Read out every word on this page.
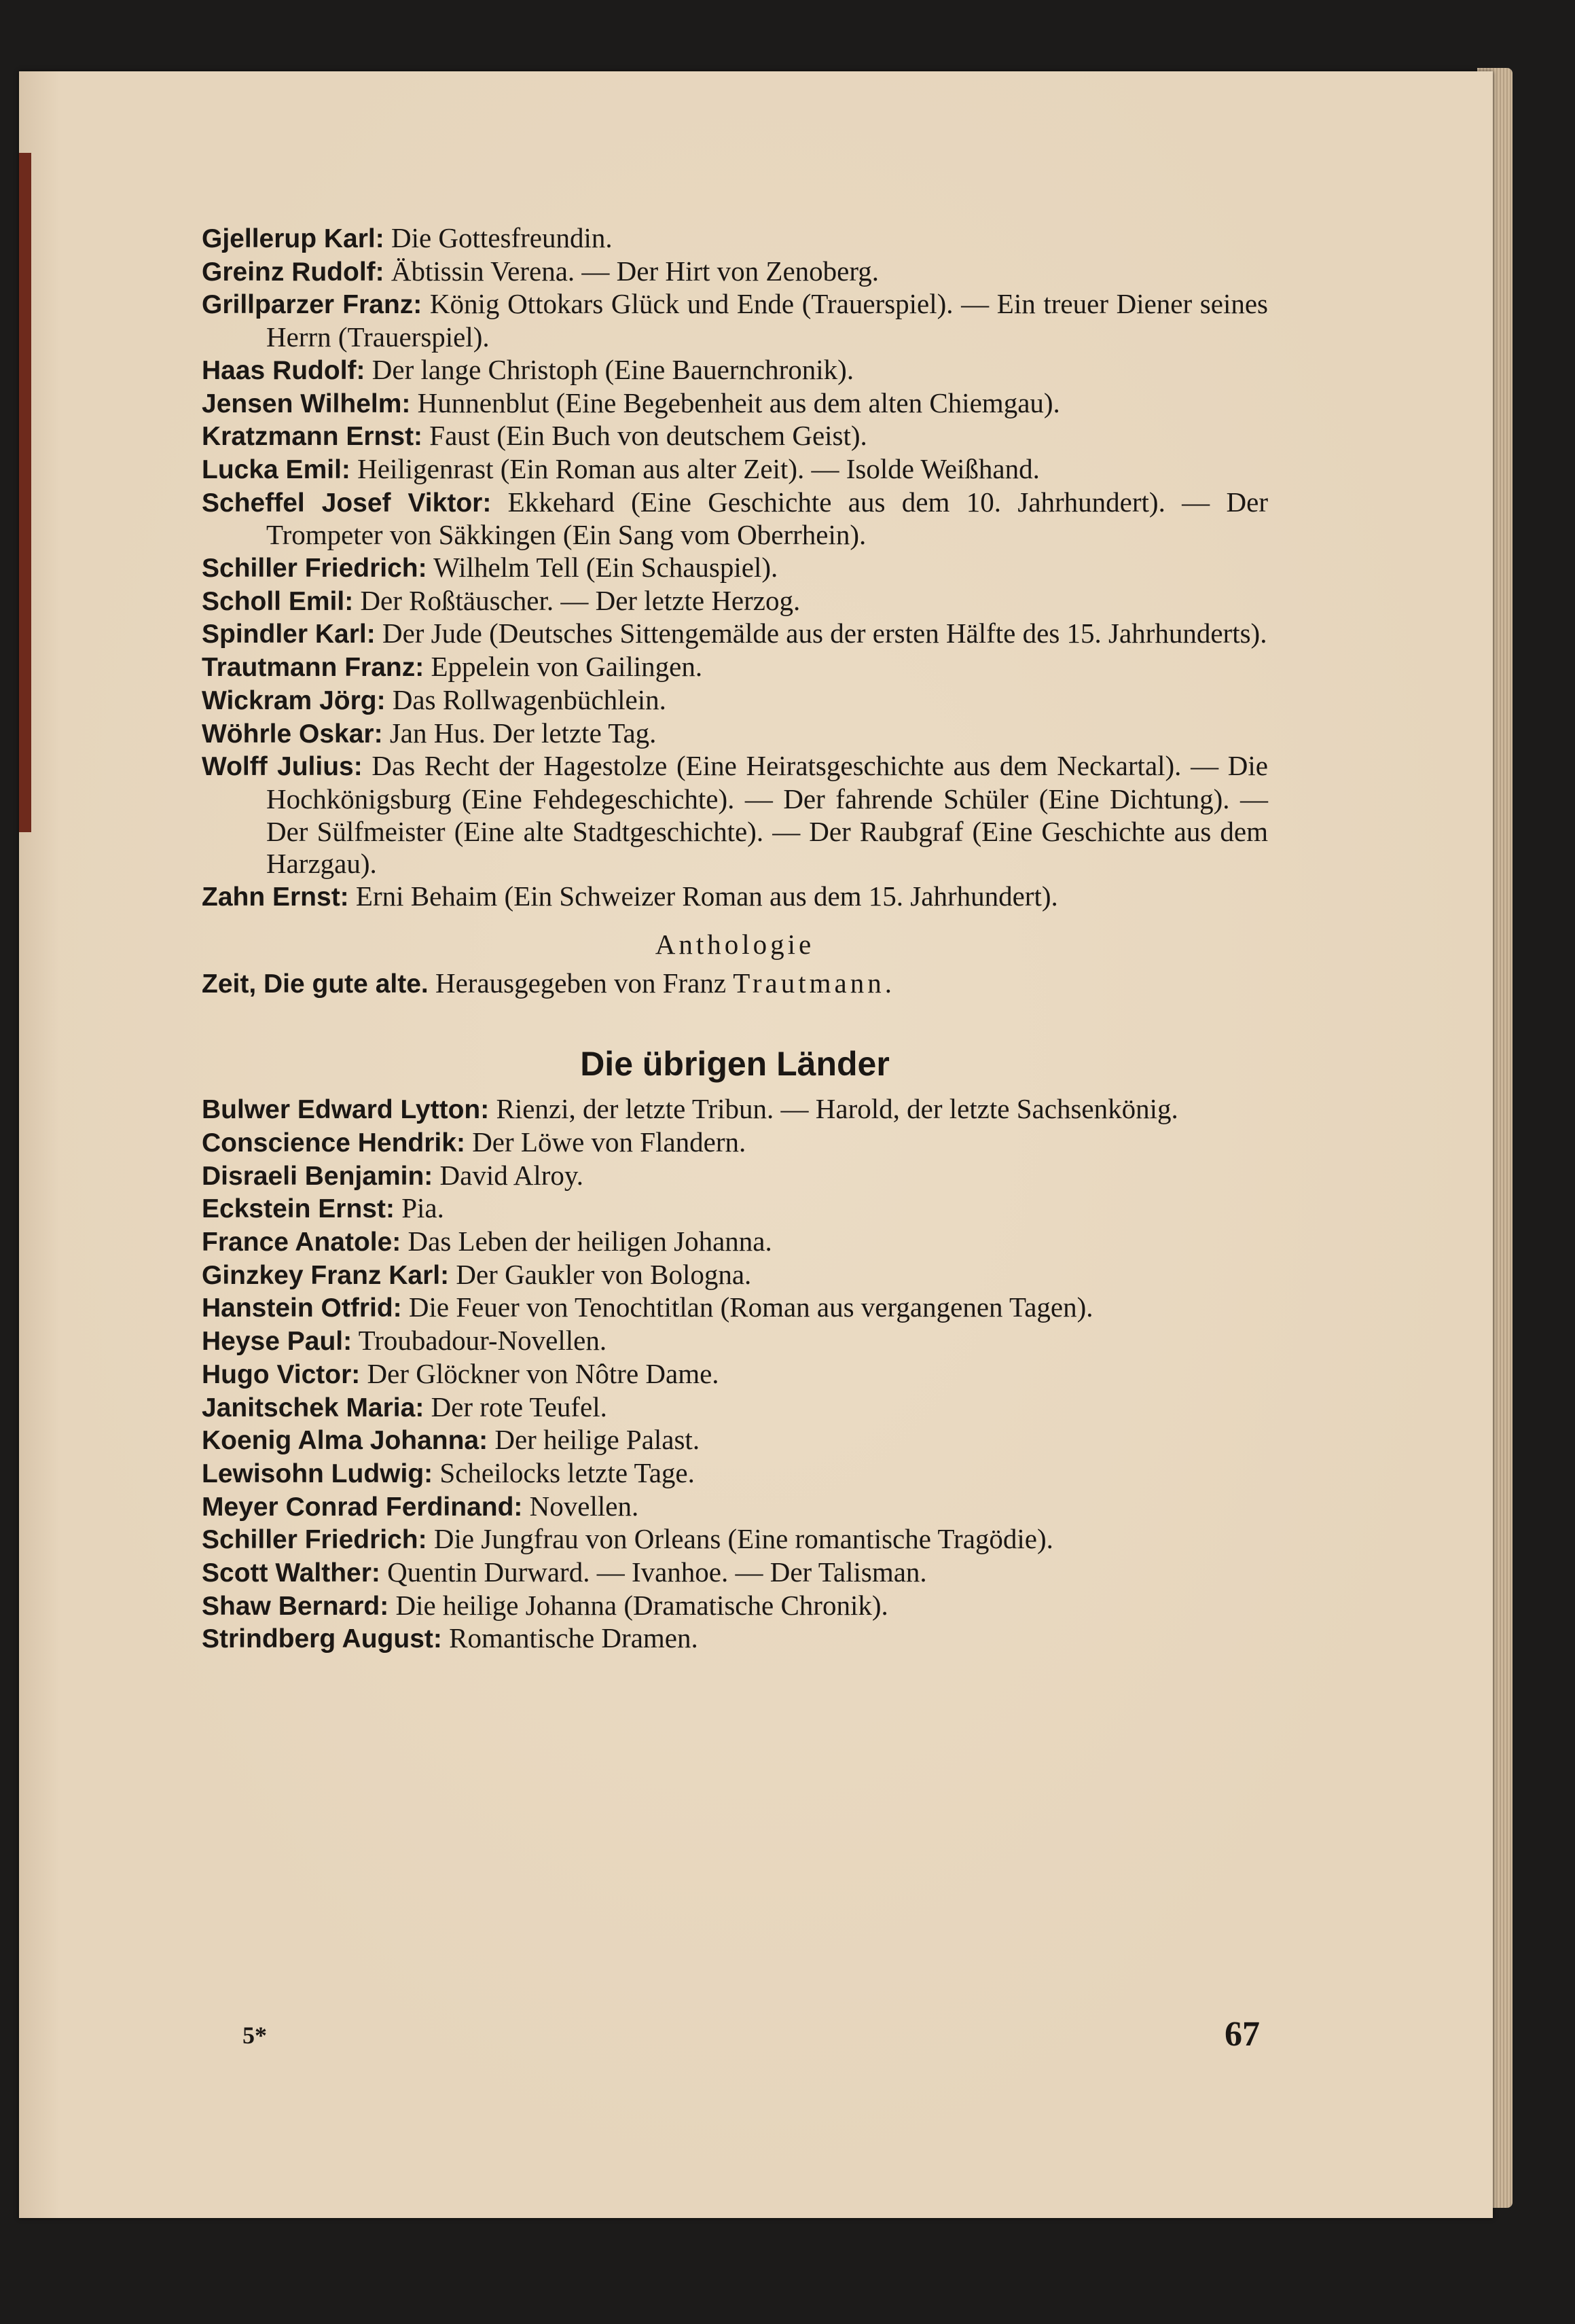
Gjellerup Karl: Die Gottesfreundin.

Greinz Rudolf: Äbtissin Verena. — Der Hirt von Zenoberg.

Grillparzer Franz: König Ottokars Glück und Ende (Trauerspiel). — Ein treuer Diener seines Herrn (Trauerspiel).

Haas Rudolf: Der lange Christoph (Eine Bauernchronik).

Jensen Wilhelm: Hunnenblut (Eine Begebenheit aus dem alten Chiemgau).

Kratzmann Ernst: Faust (Ein Buch von deutschem Geist).

Lucka Emil: Heiligenrast (Ein Roman aus alter Zeit). — Isolde Weißhand.

Scheffel Josef Viktor: Ekkehard (Eine Geschichte aus dem 10. Jahrhundert). — Der Trompeter von Säkkingen (Ein Sang vom Oberrhein).

Schiller Friedrich: Wilhelm Tell (Ein Schauspiel).

Scholl Emil: Der Roßtäuscher. — Der letzte Herzog.

Spindler Karl: Der Jude (Deutsches Sittengemälde aus der ersten Hälfte des 15. Jahrhunderts).

Trautmann Franz: Eppelein von Gailingen.

Wickram Jörg: Das Rollwagenbüchlein.

Wöhrle Oskar: Jan Hus. Der letzte Tag.

Wolff Julius: Das Recht der Hagestolze (Eine Heiratsgeschichte aus dem Neckartal). — Die Hochkönigsburg (Eine Fehdegeschichte). — Der fahrende Schüler (Eine Dichtung). — Der Sülfmeister (Eine alte Stadtgeschichte). — Der Raubgraf (Eine Geschichte aus dem Harzgau).

Zahn Ernst: Erni Behaim (Ein Schweizer Roman aus dem 15. Jahrhundert).

Anthologie

Zeit, Die gute alte. Herausgegeben von Franz Trautmann.

Die übrigen Länder

Bulwer Edward Lytton: Rienzi, der letzte Tribun. — Harold, der letzte Sachsenkönig.

Conscience Hendrik: Der Löwe von Flandern.

Disraeli Benjamin: David Alroy.

Eckstein Ernst: Pia.

France Anatole: Das Leben der heiligen Johanna.

Ginzkey Franz Karl: Der Gaukler von Bologna.

Hanstein Otfrid: Die Feuer von Tenochtitlan (Roman aus vergangenen Tagen).

Heyse Paul: Troubadour-Novellen.

Hugo Victor: Der Glöckner von Nôtre Dame.

Janitschek Maria: Der rote Teufel.

Koenig Alma Johanna: Der heilige Palast.

Lewisohn Ludwig: Scheilocks letzte Tage.

Meyer Conrad Ferdinand: Novellen.

Schiller Friedrich: Die Jungfrau von Orleans (Eine romantische Tragödie).

Scott Walther: Quentin Durward. — Ivanhoe. — Der Talisman.

Shaw Bernard: Die heilige Johanna (Dramatische Chronik).

Strindberg August: Romantische Dramen.

5*	67
